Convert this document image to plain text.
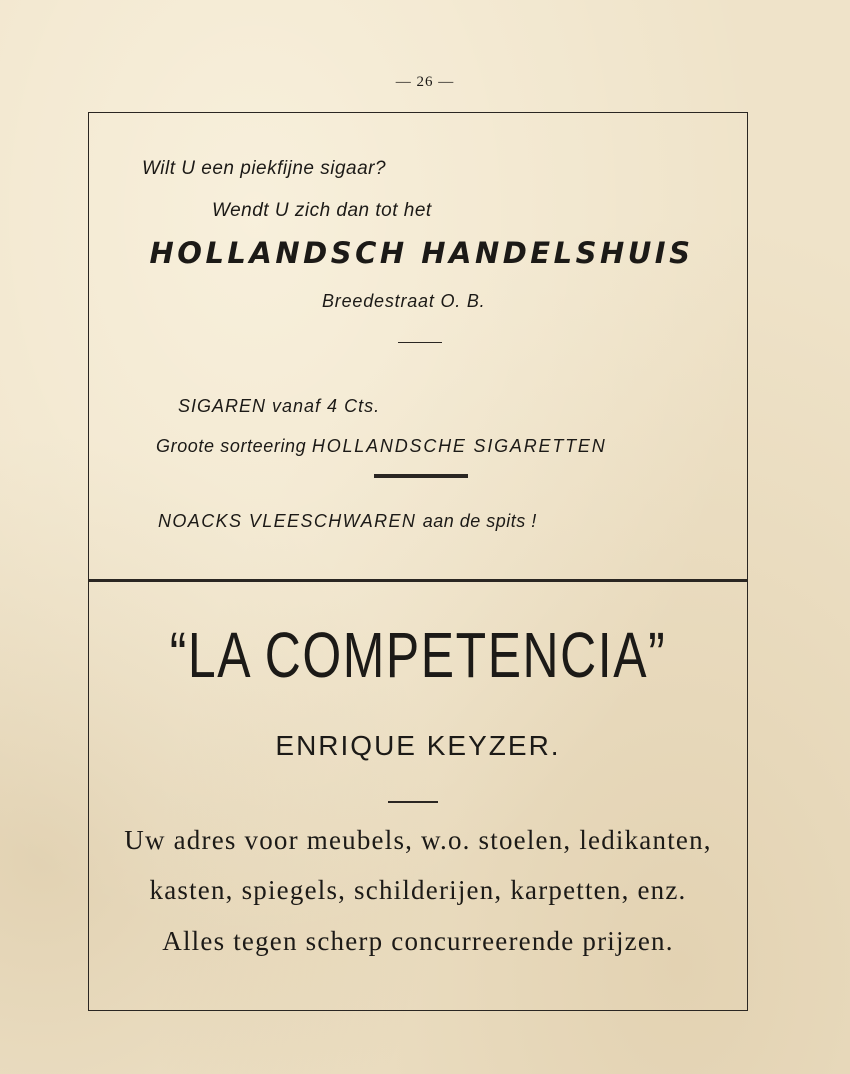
— 26 —
Wilt U een piekfijne sigaar?
Wendt U zich dan tot het
HOLLANDSCH HANDELSHUIS
Breedestraat O. B.
SIGAREN vanaf 4 Cts.
Groote sorteering HOLLANDSCHE SIGARETTEN
NOACKS VLEESCHWAREN aan de spits !
“LA COMPETENCIA”
ENRIQUE KEYZER.
Uw adres voor meubels, w.o. stoelen, ledikanten,
kasten, spiegels, schilderijen, karpetten, enz.
Alles tegen scherp concurreerende prijzen.
